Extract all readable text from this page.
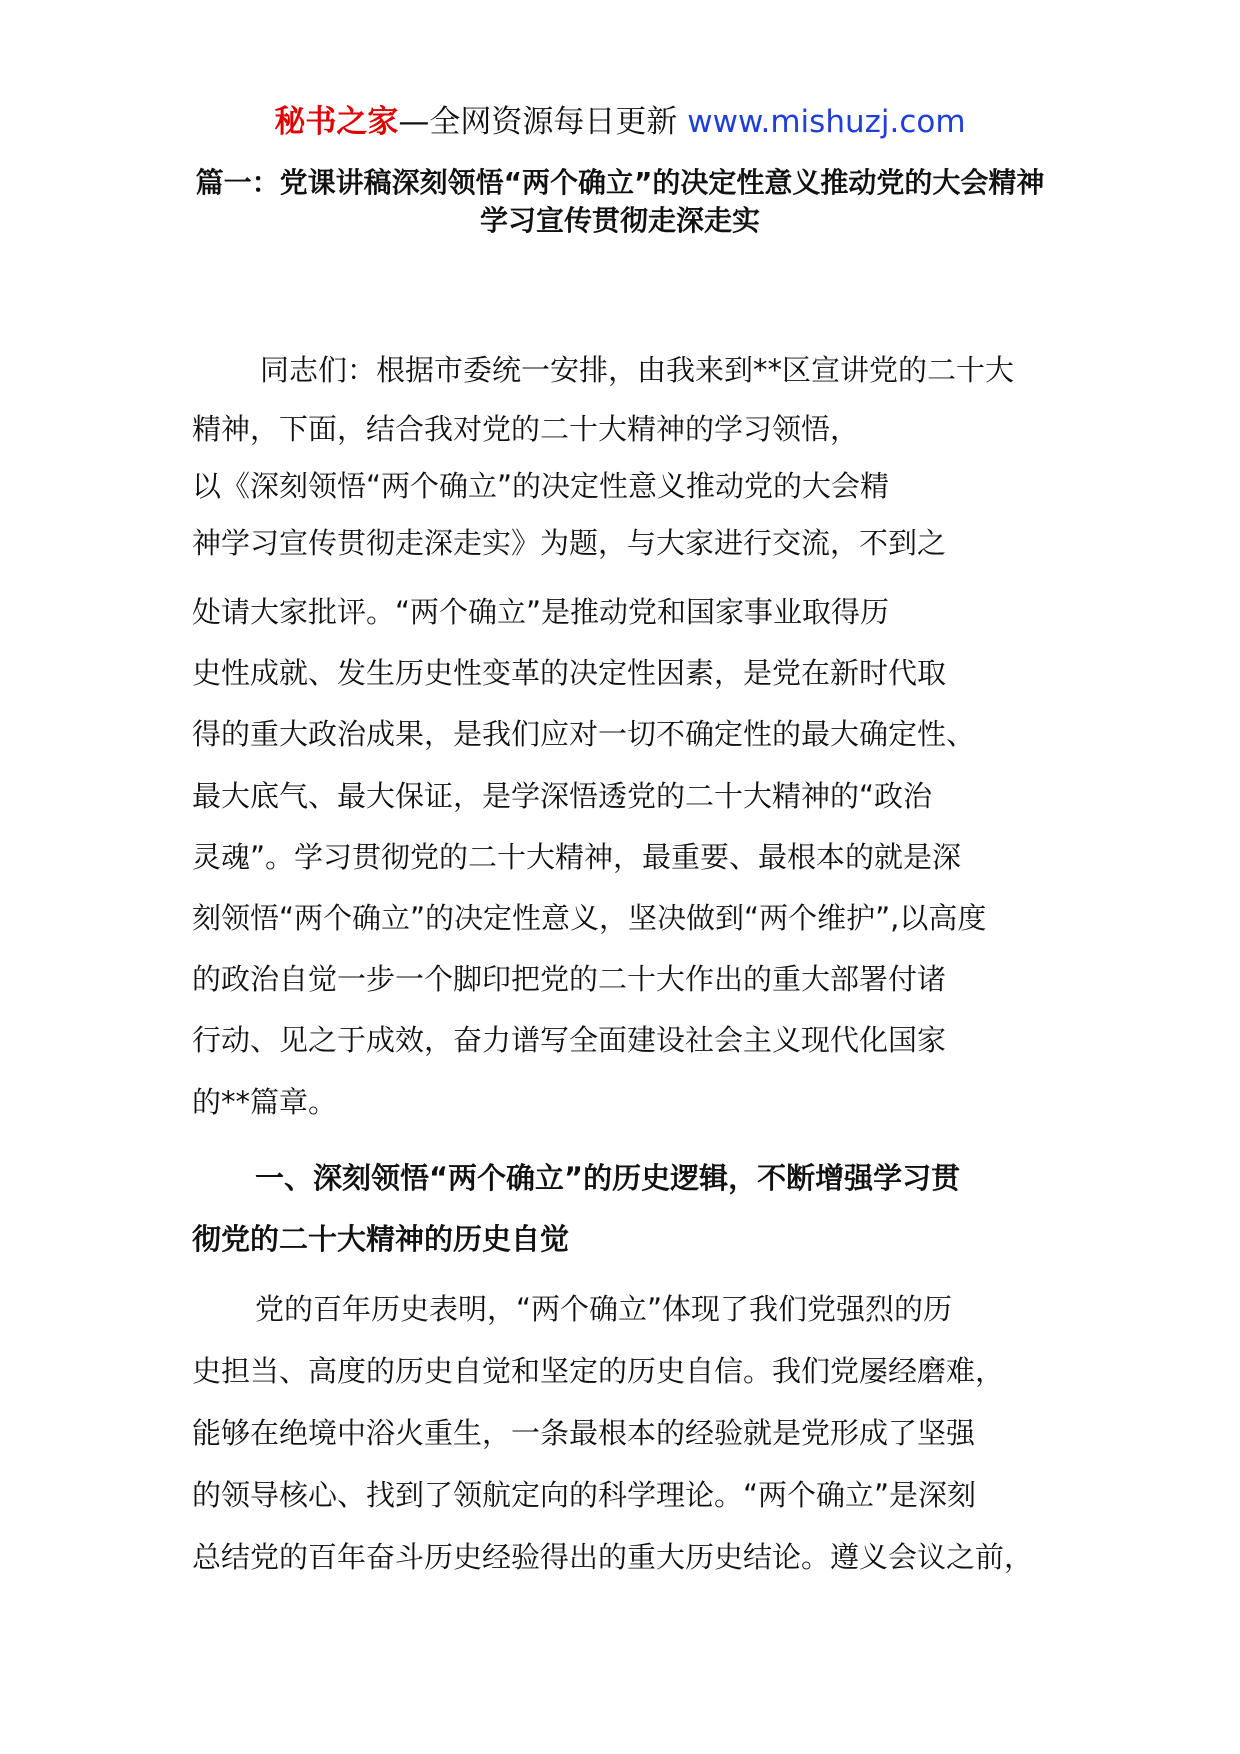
秘书之家—全网资源每日更新 www.mishuzj.com
篇一：党课讲稿深刻领悟“两个确立”的决定性意义推动党的大会精神
学习宣传贯彻走深走实
同志们：根据市委统一安排，由我来到**区宣讲党的二十大
精神，下面，结合我对党的二十大精神的学习领悟，
以《深刻领悟“两个确立”的决定性意义推动党的大会精
神学习宣传贯彻走深走实》为题，与大家进行交流，不到之
处请大家批评。“两个确立”是推动党和国家事业取得历
史性成就、发生历史性变革的决定性因素，是党在新时代取
得的重大政治成果，是我们应对一切不确定性的最大确定性、
最大底气、最大保证，是学深悟透党的二十大精神的“政治
灵魂”。学习贯彻党的二十大精神，最重要、最根本的就是深
刻领悟“两个确立”的决定性意义，坚决做到“两个维护”,以高度
的政治自觉一步一个脚印把党的二十大作出的重大部署付诸
行动、见之于成效，奋力谱写全面建设社会主义现代化国家
的**篇章。
一、深刻领悟“两个确立”的历史逻辑，不断增强学习贯
彻党的二十大精神的历史自觉
党的百年历史表明，“两个确立”体现了我们党强烈的历
史担当、高度的历史自觉和坚定的历史自信。我们党屡经磨难，
能够在绝境中浴火重生，一条最根本的经验就是党形成了坚强
的领导核心、找到了领航定向的科学理论。“两个确立”是深刻
总结党的百年奋斗历史经验得出的重大历史结论。遵义会议之前，
